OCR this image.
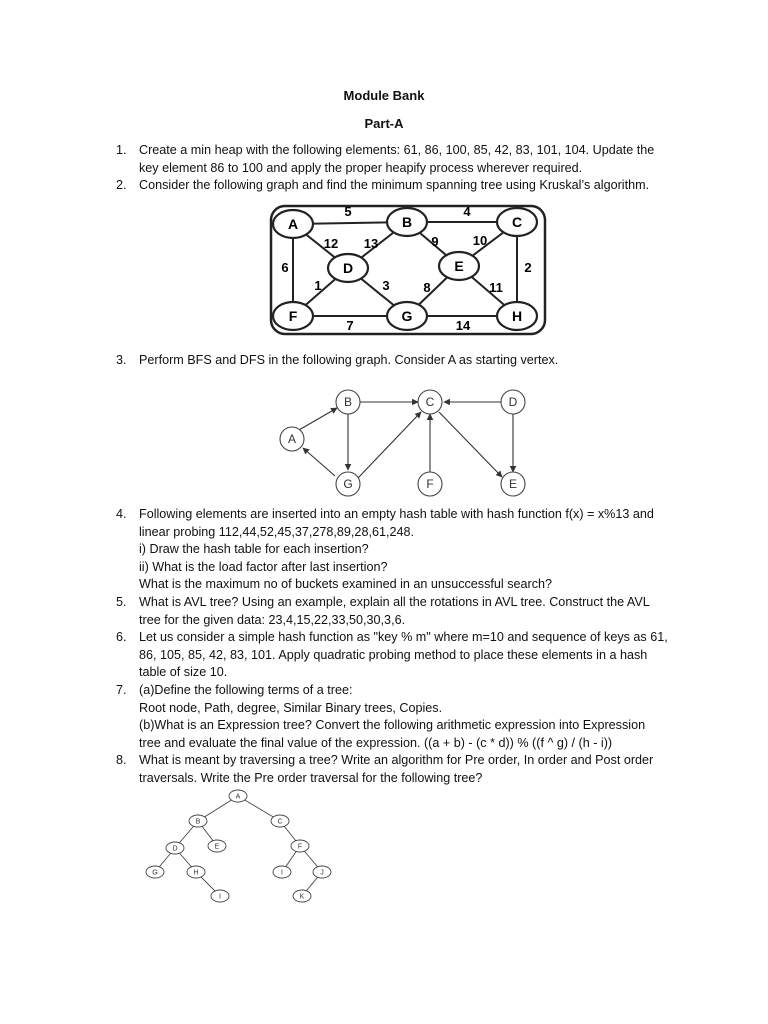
Module Bank
Part-A
1. Create a min heap with the following elements: 61, 86, 100, 85, 42, 83, 101, 104. Update the
key element 86 to 100 and apply the proper heapify process wherever required.
2. Consider the following graph and find the minimum spanning tree using Kruskal’s algorithm.
3. Perform BFS and DFS in the following graph. Consider A as starting vertex.
4. Following elements are inserted into an empty hash table with hash function f(x) = x%13 and
linear probing 112,44,52,45,37,278,89,28,61,248.
i) Draw the hash table for each insertion?
ii) What is the load factor after last insertion?
What is the maximum no of buckets examined in an unsuccessful search?
5. What is AVL tree? Using an example, explain all the rotations in AVL tree. Construct the AVL
tree for the given data: 23,4,15,22,33,50,30,3,6.
6. Let us consider a simple hash function as "key % m" where m=10 and sequence of keys as 61,
86, 105, 85, 42, 83, 101. Apply quadratic probing method to place these elements in a hash
table of size 10.
7. (a)Define the following terms of a tree:
Root node, Path, degree, Similar Binary trees, Copies.
(b)What is an Expression tree? Convert the following arithmetic expression into Expression
tree and evaluate the final value of the expression. ((a + b) - (c * d)) % ((f ^ g) / (h - i))
8. What is meant by traversing a tree? Write an algorithm for Pre order, In order and Post order
traversals. Write the Pre order traversal for the following tree?
A	B	C
D	E
F	G	H
5	4
12 13	9	10
6	2
1	3	8	11
7	14
A
B	C	D
G	F	E
A
B	C
D	E	F
G	H	I	J
I	K
